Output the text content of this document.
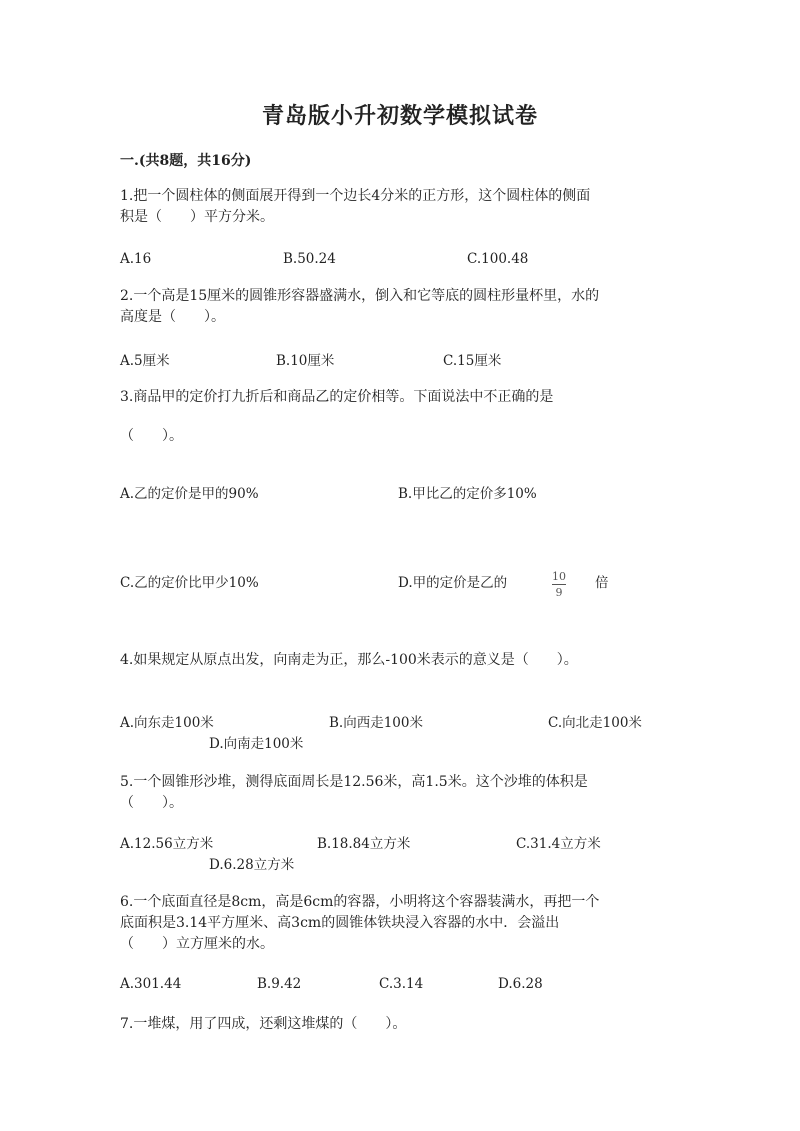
青岛版小升初数学模拟试卷
一.(共8题，共16分)
1.把一个圆柱体的侧面展开得到一个边长4分米的正方形，这个圆柱体的侧面
积是（　　）平方分米。
A.16	B.50.24	C.100.48
2.一个高是15厘米的圆锥形容器盛满水，倒入和它等底的圆柱形量杯里，水的
高度是（　　）。
A.5厘米	B.10厘米	C.15厘米
3.商品甲的定价打九折后和商品乙的定价相等。下面说法中不正确的是
（　　）。
A.乙的定价是甲的90%	B.甲比乙的定价多10%
C.乙的定价比甲少10%	D.甲的定价是乙的	$\frac{10}{9}$ 倍
4.如果规定从原点出发，向南走为正，那么-100米表示的意义是（　　）。
A.向东走100米	B.向西走100米	C.向北走100米
D.向南走100米
5.一个圆锥形沙堆，测得底面周长是12.56米，高1.5米。这个沙堆的体积是
（　　）。
A.12.56立方米	B.18.84立方米	C.31.4立方米
D.6.28立方米
6.一个底面直径是8cm，高是6cm的容器，小明将这个容器装满水，再把一个
底面积是3.14平方厘米、高3cm的圆锥体铁块浸入容器的水中．会溢出
（　　）立方厘米的水。
A.301.44	B.9.42	C.3.14	D.6.28
7.一堆煤，用了四成，还剩这堆煤的（　　）。
